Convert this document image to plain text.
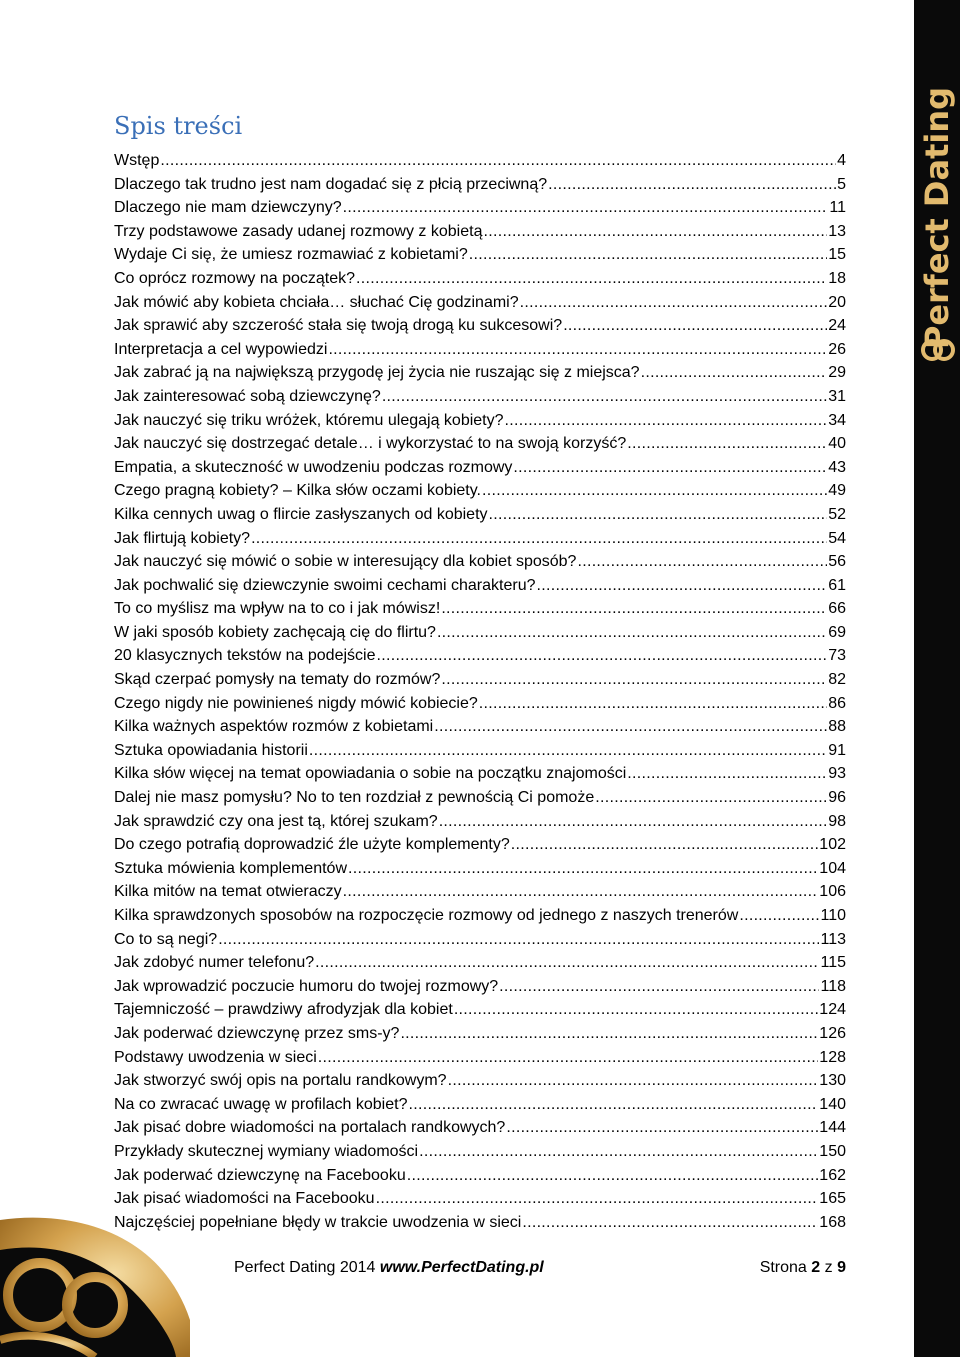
Perfect Dating
Spis treści
Wstęp .....	4
Dlaczego tak trudno jest nam dogadać się z płcią przeciwną? .....	5
Dlaczego nie mam dziewczyny? .....	11
Trzy podstawowe zasady udanej rozmowy z kobietą .....	13
Wydaje Ci się, że umiesz rozmawiać z kobietami? .....	15
Co oprócz rozmowy na początek? .....	18
Jak mówić aby kobieta chciała… słuchać Cię godzinami? .....	20
Jak sprawić aby szczerość stała się twoją drogą ku sukcesowi? .....	24
Interpretacja a cel wypowiedzi .....	26
Jak zabrać ją na największą przygodę jej życia nie ruszając się z miejsca? .....	29
Jak zainteresować sobą dziewczynę? .....	31
Jak nauczyć się triku wróżek, któremu ulegają kobiety? .....	34
Jak nauczyć się dostrzegać detale… i wykorzystać to na swoją korzyść? .....	40
Empatia, a skuteczność w uwodzeniu podczas rozmowy .....	43
Czego pragną kobiety? – Kilka słów oczami kobiety. .....	49
Kilka cennych uwag o flircie zasłyszanych od kobiety .....	52
Jak flirtują kobiety? .....	54
Jak nauczyć się mówić o sobie w interesujący dla kobiet sposób? .....	56
Jak pochwalić się dziewczynie swoimi cechami charakteru? .....	61
To co myślisz ma wpływ na to co i jak mówisz! .....	66
W jaki sposób kobiety zachęcają cię do flirtu? .....	69
20 klasycznych tekstów na podejście .....	73
Skąd czerpać pomysły na tematy do rozmów? .....	82
Czego nigdy nie powinieneś nigdy mówić kobiecie? .....	86
Kilka ważnych aspektów rozmów z kobietami .....	88
Sztuka opowiadania historii .....	91
Kilka słów więcej na temat opowiadania o sobie na początku znajomości .....	93
Dalej nie masz pomysłu? No to ten rozdział z pewnością Ci pomoże .....	96
Jak sprawdzić czy ona jest tą, której szukam? .....	98
Do czego potrafią doprowadzić źle użyte komplementy? .....	102
Sztuka mówienia komplementów .....	104
Kilka mitów na temat otwieraczy .....	106
Kilka sprawdzonych sposobów na rozpoczęcie rozmowy od jednego z naszych trenerów .....	110
Co to są negi? .....	113
Jak zdobyć numer telefonu? .....	115
Jak wprowadzić poczucie humoru do twojej rozmowy? .....	118
Tajemniczość – prawdziwy afrodyzjak dla kobiet .....	124
Jak poderwać dziewczynę przez sms-y? .....	126
Podstawy uwodzenia w sieci .....	128
Jak stworzyć swój opis na portalu randkowym? .....	130
Na co zwracać uwagę w profilach kobiet? .....	140
Jak pisać dobre wiadomości na portalach randkowych? .....	144
Przykłady skutecznej wymiany wiadomości .....	150
Jak poderwać dziewczynę na Facebooku .....	162
Jak pisać wiadomości na Facebooku .....	165
Najczęściej popełniane błędy w trakcie uwodzenia w sieci .....	168
Perfect Dating 2014 www.PerfectDating.pl	Strona 2 z 9
